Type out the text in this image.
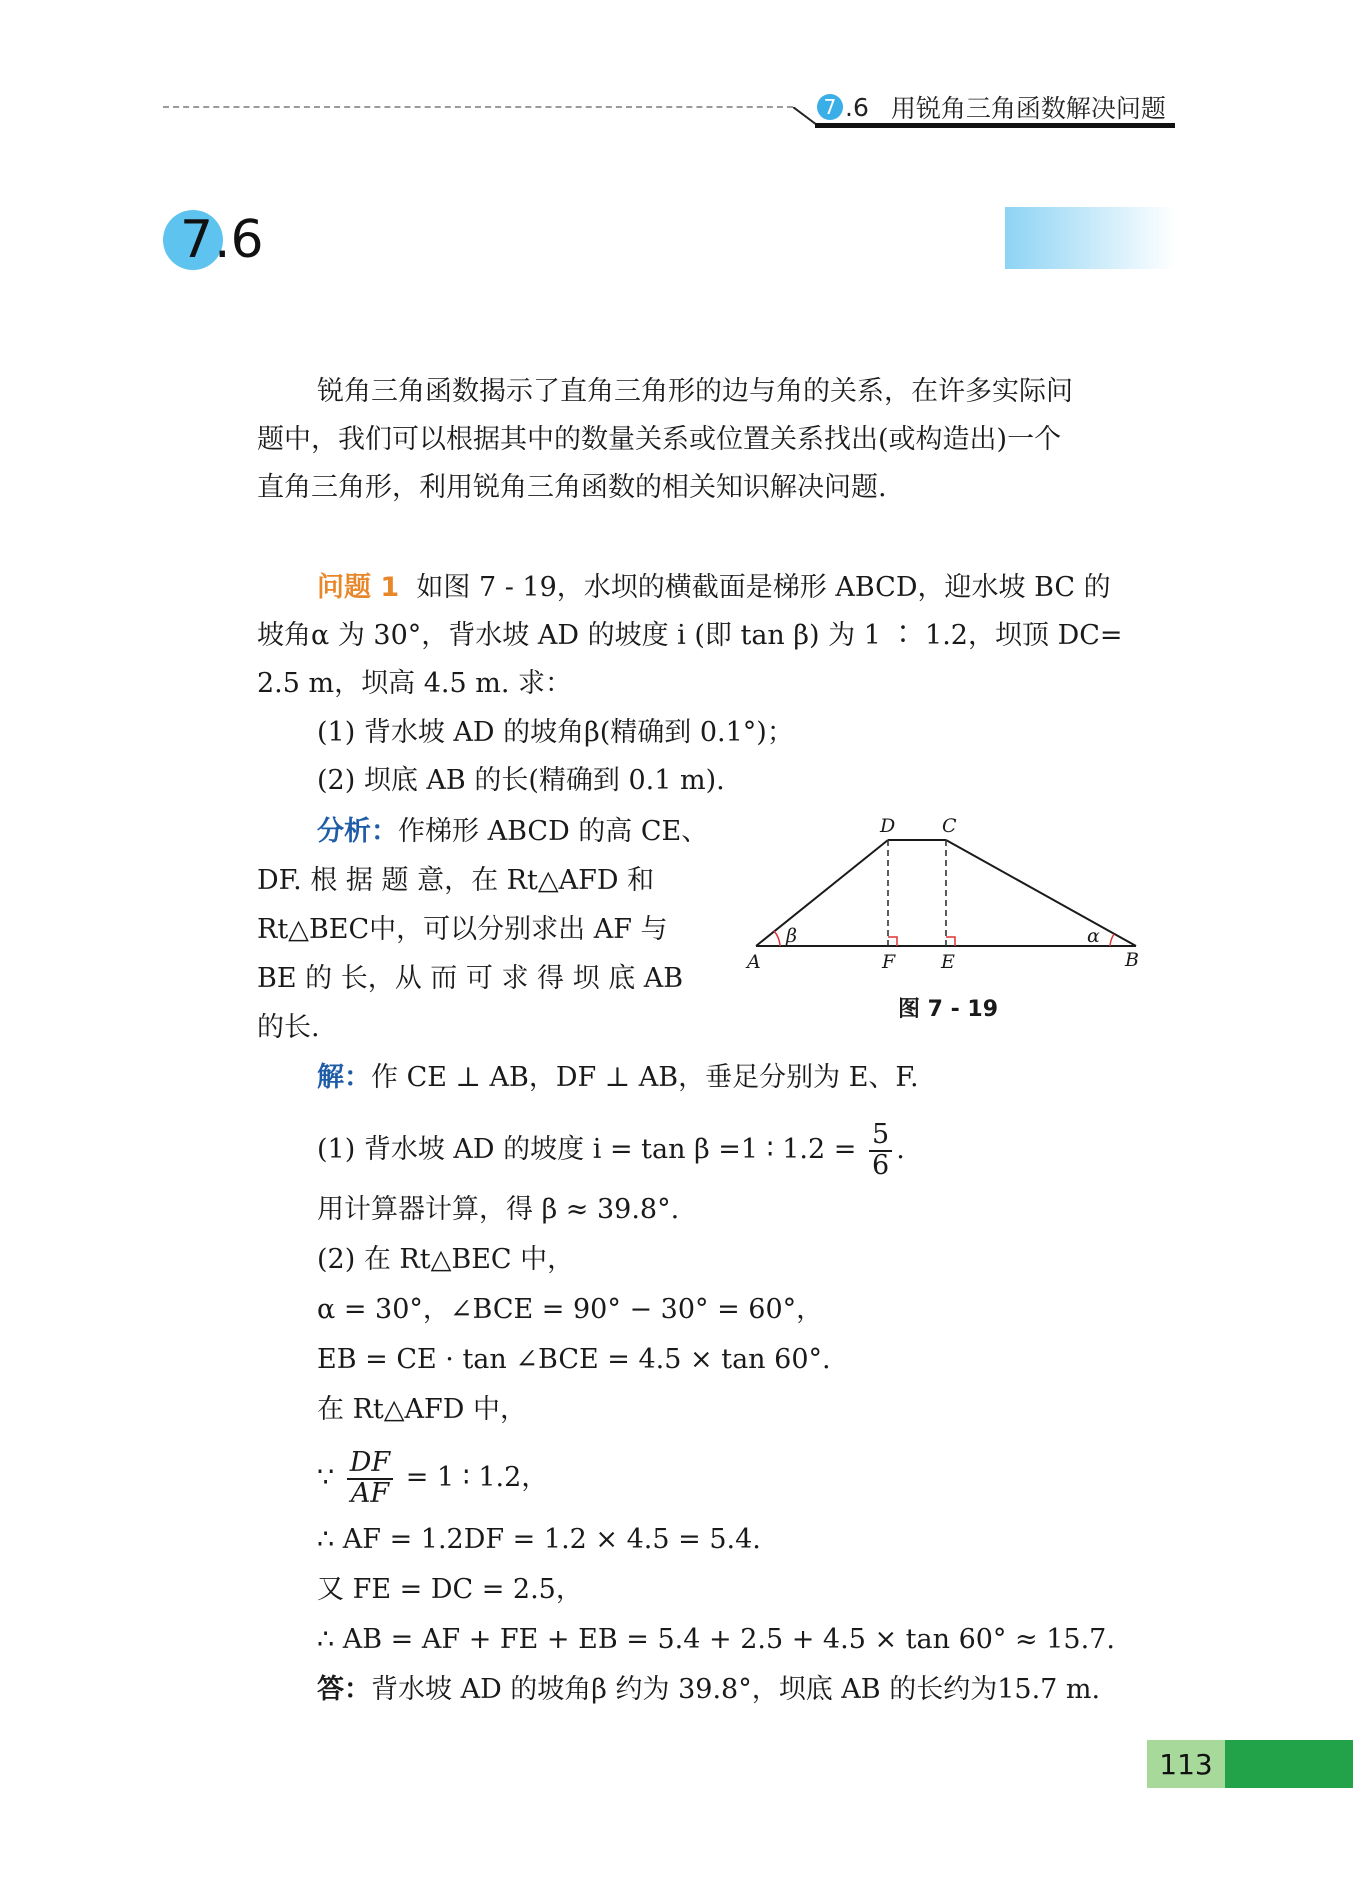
7 .6 用锐角三角函数解决问题
7 .6
锐角三角函数揭示了直角三角形的边与角的关系，在许多实际问
题中，我们可以根据其中的数量关系或位置关系找出(或构造出)一个
直角三角形，利用锐角三角函数的相关知识解决问题.
问题 1 如图 7 - 19，水坝的横截面是梯形 ABCD，迎水坡 BC 的
坡角α 为 30°，背水坡 AD 的坡度 i (即 tan β) 为 1 ∶ 1.2，坝顶 DC=
2.5 m，坝高 4.5 m. 求：
(1) 背水坡 AD 的坡角β(精确到 0.1°)；
(2) 坝底 AB 的长(精确到 0.1 m).
分析：作梯形 ABCD 的高 CE、
DF. 根 据 题 意，在 Rt△AFD 和
Rt△BEC中，可以分别求出 AF 与
BE 的 长，从 而 可 求 得 坝 底 AB
的长.
D C
A	F E	B
β	α
图 7 - 19
解：作 CE ⊥ AB，DF ⊥ AB，垂足分别为 E、F.
(1) 背水坡 AD 的坡度 i = tan β =1 ∶ $1.2 = \frac{5}{6}$ .
用计算器计算，得 β ≈ 39.8°.
(2) 在 Rt△BEC 中，
α = 30°，∠BCE = 90° − 30° = 60°，
EB = CE · tan ∠BCE = 4.5 × tan 60°.
在 Rt△AFD 中，
∵ $\frac{DF}{AF} = 1$ ∶ 1.2，
∴ AF = 1.2DF = 1.2 × 4.5 = 5.4.
又 FE = DC = 2.5，
∴ AB = AF + FE + EB = 5.4 + 2.5 + 4.5 × tan 60° ≈ 15.7.
答：背水坡 AD 的坡角β 约为 39.8°，坝底 AB 的长约为15.7 m.
113
